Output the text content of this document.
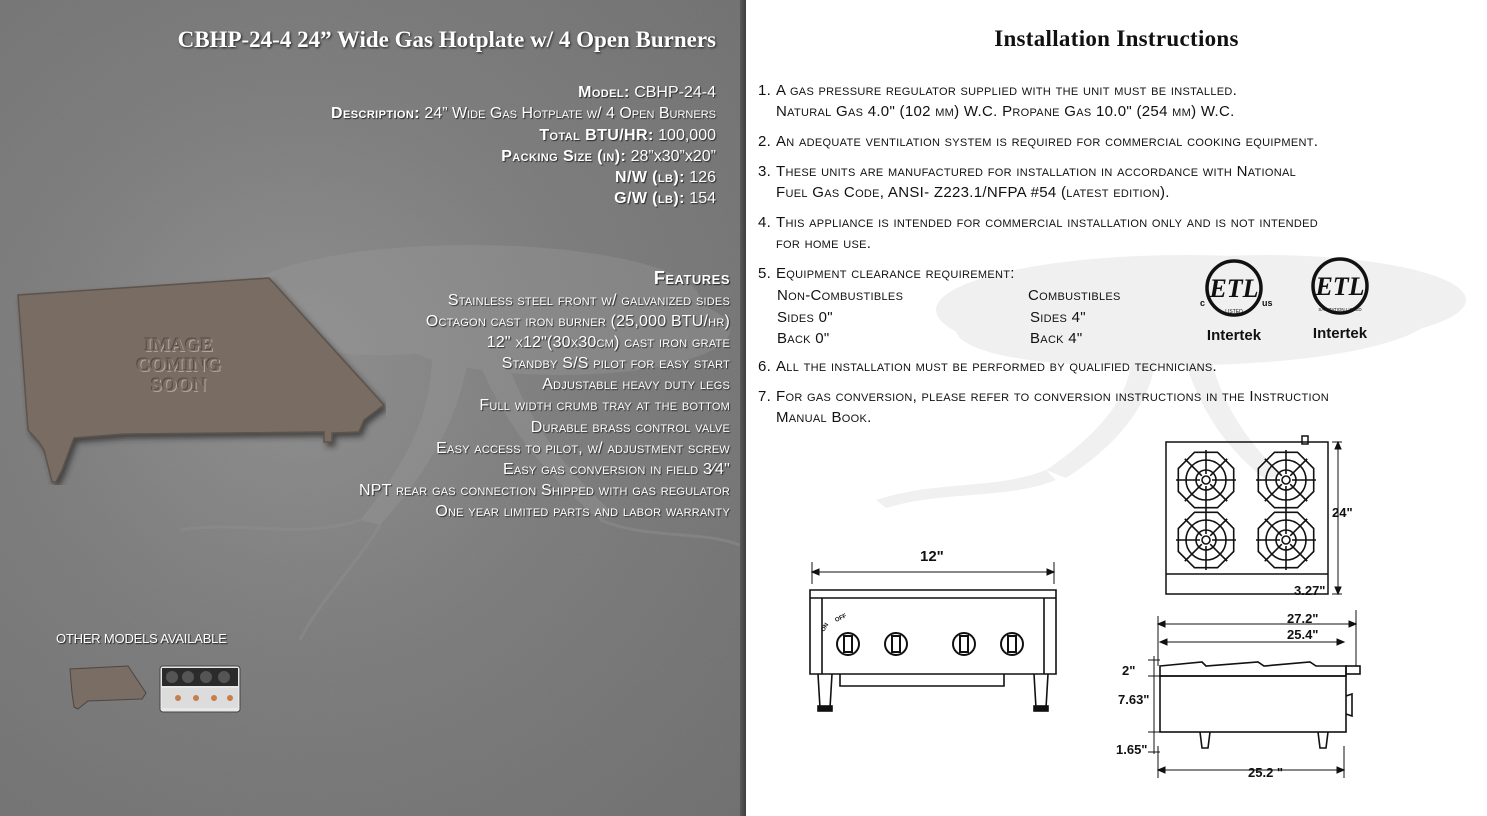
CBHP-24-4 24” Wide Gas Hotplate w/ 4 Open Burners
Model: CBHP-24-4
Description: 24” Wide Gas Hotplate w/ 4 Open Burners
Total BTU/HR: 100,000
Packing Size (in): 28”x30”x20”
N/W (lb): 126
G/W (lb): 154
Features
Stainless steel front w/ galvanized sides
Octagon cast iron burner (25,000 BTU/hr)
12" x12"(30x30cm) cast iron grate
Standby S/S pilot for easy start
Adjustable heavy duty legs
Full width crumb tray at the bottom
Durable brass control valve
Easy access to pilot, w/ adjustment screw
Easy gas conversion in field 3⁄4"
NPT rear gas connection Shipped with gas regulator
One year limited parts and labor warranty
IMAGE
COMING
SOON
OTHER MODELS AVAILABLE
Installation Instructions
1. A gas pressure regulator supplied with the unit must be installed.
Natural Gas 4.0" (102 mm) W.C. Propane Gas 10.0" (254 mm) W.C.
2. An adequate ventilation system is required for commercial cooking equipment.
3. These units are manufactured for installation in accordance with National
Fuel Gas Code, ANSI- Z223.1/NFPA #54 (latest edition).
4. This appliance is intended for commercial installation only and is not intended
for home use.
5. Equipment clearance requirement:
6. All the installation must be performed by qualified technicians.
7. For gas conversion, please refer to conversion instructions in the Instruction
Manual Book.
Non-Combustibles	Combustibles
Sides 0"	Sides 4"
Back 0"	Back 4"
ETL
LISTED
c	us
Intertek
ETL
SANITATION LISTED
Intertek
24"
3.27"
OFF
ON
12"
27.2"
25.4"
2"
7.63"
1.65"
25.2 "
